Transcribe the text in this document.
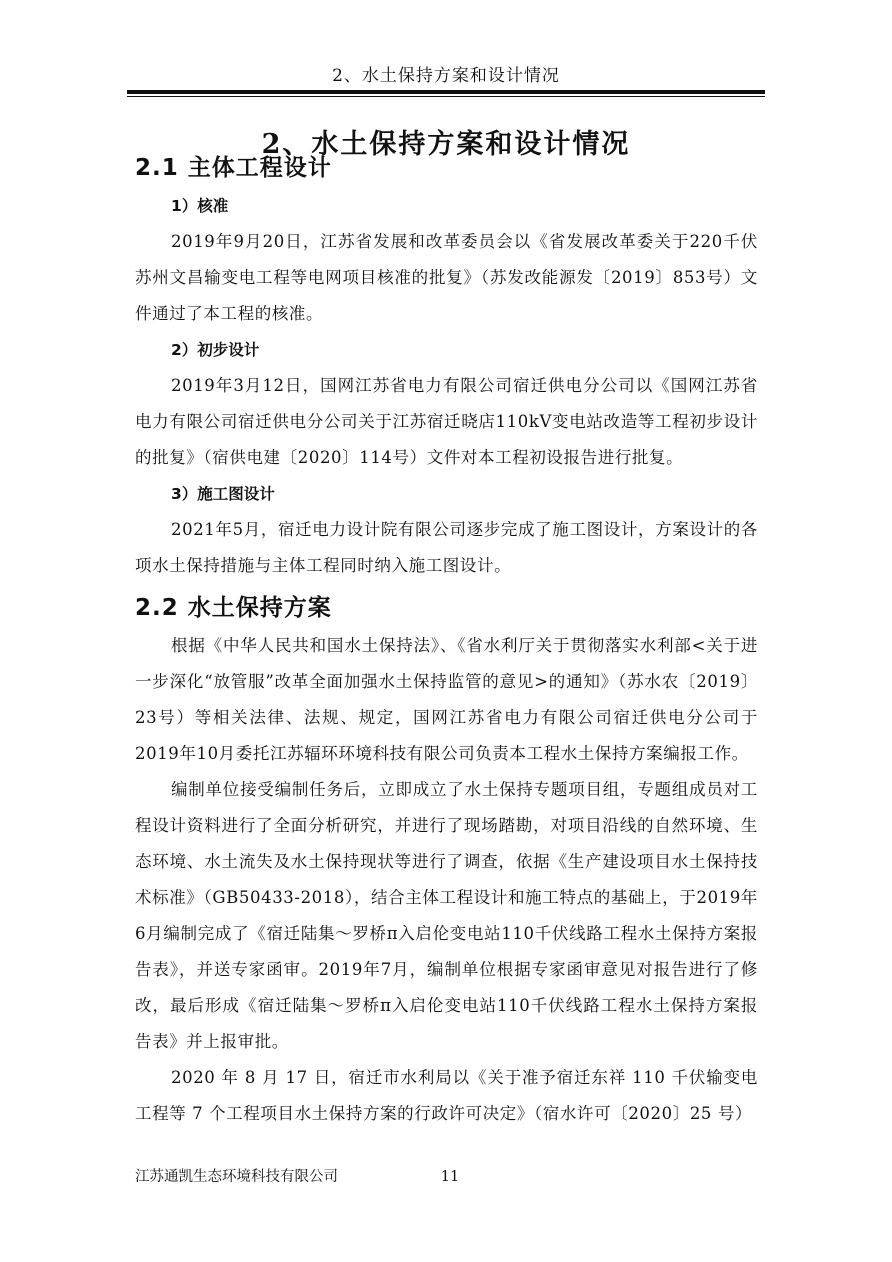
2、水土保持方案和设计情况
2、水土保持方案和设计情况
2.1 主体工程设计
1）核准

2019年9月20日，江苏省发展和改革委员会以《省发展改革委关于220千伏苏州文昌输变电工程等电网项目核准的批复》（苏发改能源发〔2019〕853号）文件通过了本工程的核准。

2）初步设计

2019年3月12日，国网江苏省电力有限公司宿迁供电分公司以《国网江苏省电力有限公司宿迁供电分公司关于江苏宿迁晓店110kV变电站改造等工程初步设计的批复》（宿供电建〔2020〕114号）文件对本工程初设报告进行批复。

3）施工图设计

2021年5月，宿迁电力设计院有限公司逐步完成了施工图设计，方案设计的各项水土保持措施与主体工程同时纳入施工图设计。

2.2 水土保持方案

根据《中华人民共和国水土保持法》、《省水利厅关于贯彻落实水利部<关于进一步深化“放管服”改革全面加强水土保持监管的意见>的通知》（苏水农〔2019〕23号）等相关法律、法规、规定，国网江苏省电力有限公司宿迁供电分公司于2019年10月委托江苏辐环环境科技有限公司负责本工程水土保持方案编报工作。

编制单位接受编制任务后，立即成立了水土保持专题项目组，专题组成员对工程设计资料进行了全面分析研究，并进行了现场踏勘，对项目沿线的自然环境、生态环境、水土流失及水土保持现状等进行了调查，依据《生产建设项目水土保持技术标准》（GB50433-2018），结合主体工程设计和施工特点的基础上，于2019年6月编制完成了《宿迁陆集～罗桥π入启伦变电站110千伏线路工程水土保持方案报告表》，并送专家函审。2019年7月，编制单位根据专家函审意见对报告进行了修改，最后形成《宿迁陆集～罗桥π入启伦变电站110千伏线路工程水土保持方案报告表》并上报审批。

2020 年 8 月 17 日，宿迁市水利局以《关于准予宿迁东祥 110 千伏输变电工程等 7 个工程项目水土保持方案的行政许可决定》（宿水许可〔2020〕25 号）

江苏通凯生态环境科技有限公司	11
